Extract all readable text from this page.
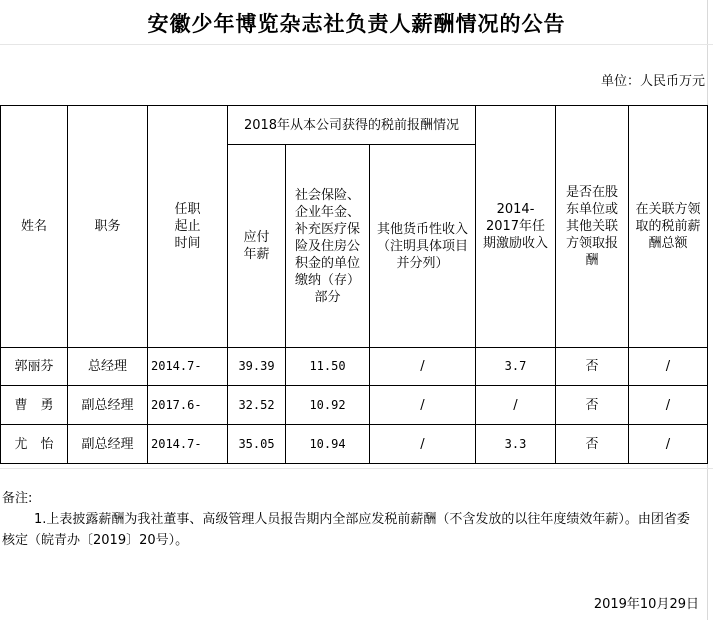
安徽少年博览杂志社负责人薪酬情况的公告
单位：人民币万元
姓名	职务	任职起止时间	2018年从本公司获得的税前报酬情况			2014-2017年任期激励收入	是否在股东单位或其他关联方领取报酬	在关联方领取的税前薪酬总额

			应付年薪	社会保险、企业年金、补充医疗保险及住房公积金的单位缴纳（存）部分	其他货币性收入（注明具体项目并分列）			

郭丽芬	总经理	2014.7-	39.39	11.50	/	3.7	否	/
曹　勇	副总经理	2017.6-	32.52	10.92	/	/	否	/
尤　怡	副总经理	2014.7-	35.05	10.94	/	3.3	否	/
备注:
1.上表披露薪酬为我社董事、高级管理人员报告期内全部应发税前薪酬（不含发放的以往年度绩效年薪）。由团省委核定（皖青办〔2019〕20号）。
2019年10月29日
